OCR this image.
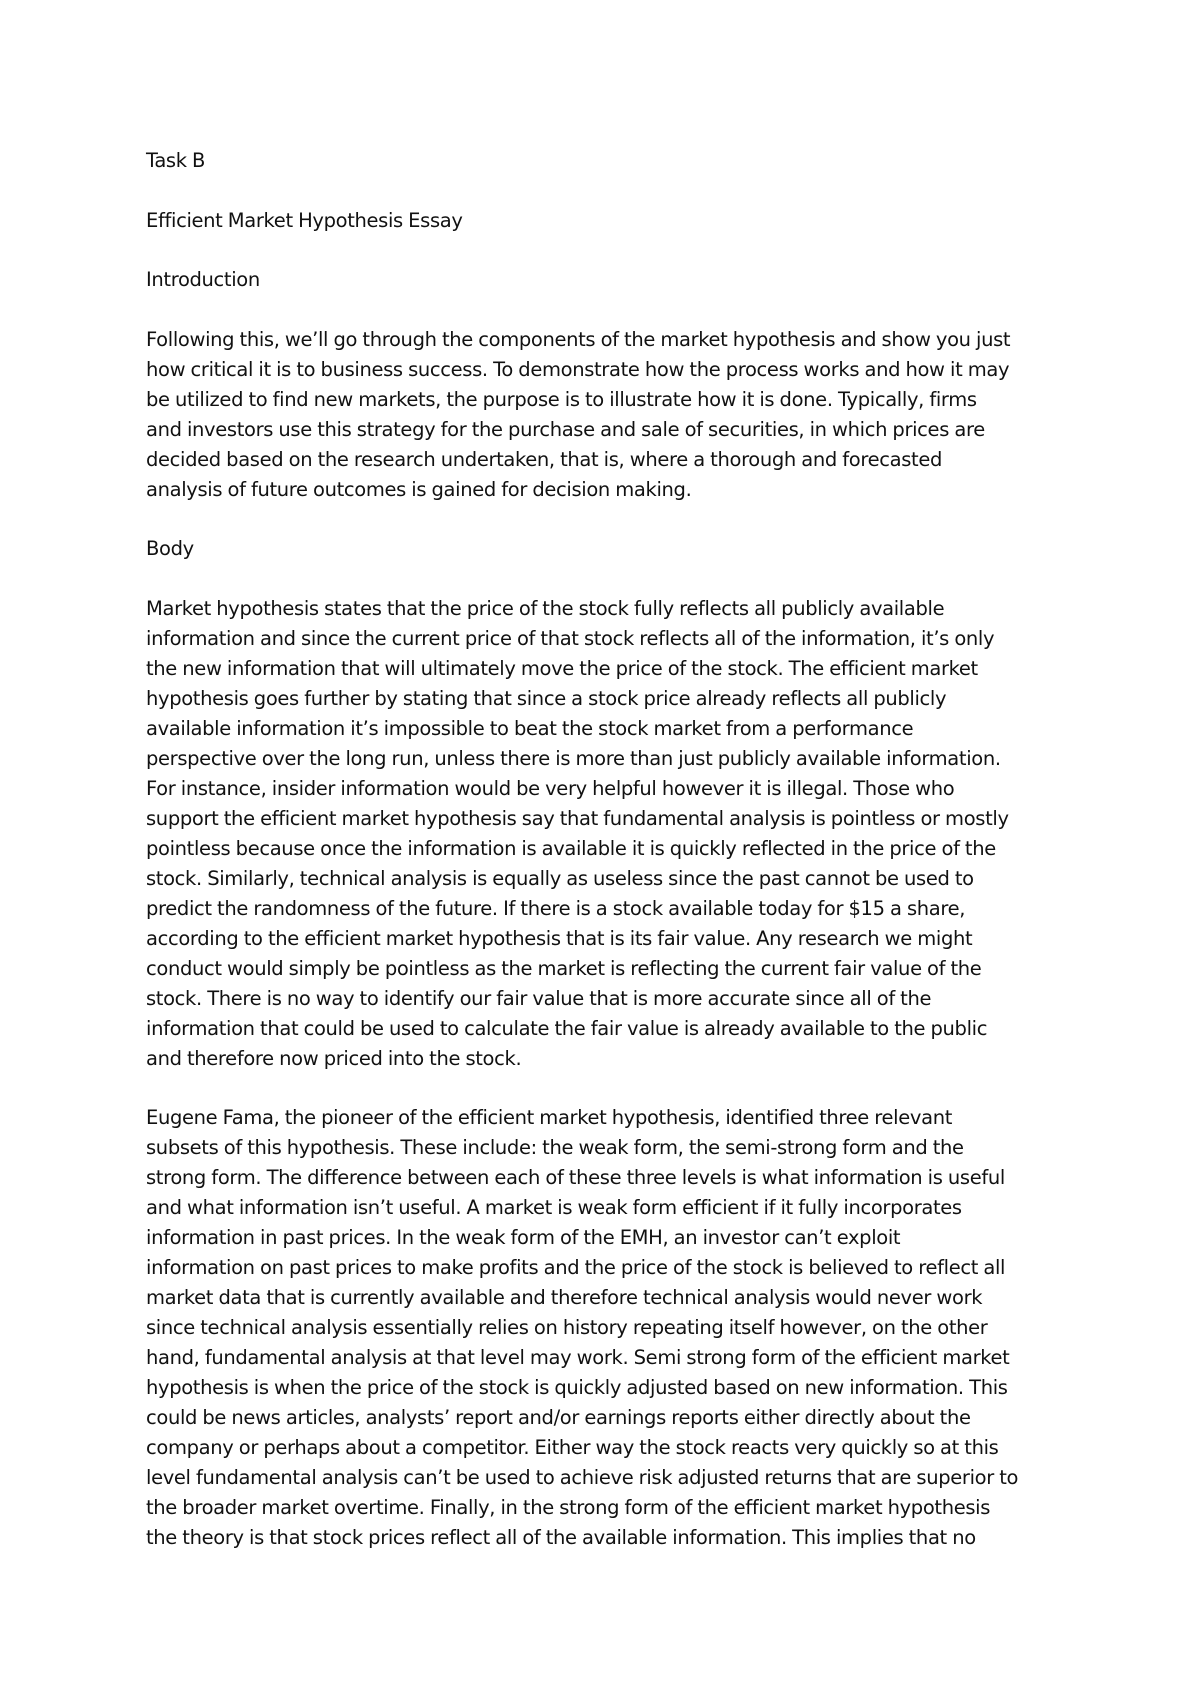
Task B
Efficient Market Hypothesis Essay
Introduction
Following this, we’ll go through the components of the market hypothesis and show you just
how critical it is to business success. To demonstrate how the process works and how it may
be utilized to find new markets, the purpose is to illustrate how it is done. Typically, firms
and investors use this strategy for the purchase and sale of securities, in which prices are
decided based on the research undertaken, that is, where a thorough and forecasted
analysis of future outcomes is gained for decision making.
Body
Market hypothesis states that the price of the stock fully reflects all publicly available
information and since the current price of that stock reflects all of the information, it’s only
the new information that will ultimately move the price of the stock. The efficient market
hypothesis goes further by stating that since a stock price already reflects all publicly
available information it’s impossible to beat the stock market from a performance
perspective over the long run, unless there is more than just publicly available information.
For instance, insider information would be very helpful however it is illegal. Those who
support the efficient market hypothesis say that fundamental analysis is pointless or mostly
pointless because once the information is available it is quickly reflected in the price of the
stock. Similarly, technical analysis is equally as useless since the past cannot be used to
predict the randomness of the future. If there is a stock available today for $15 a share,
according to the efficient market hypothesis that is its fair value. Any research we might
conduct would simply be pointless as the market is reflecting the current fair value of the
stock. There is no way to identify our fair value that is more accurate since all of the
information that could be used to calculate the fair value is already available to the public
and therefore now priced into the stock.
Eugene Fama, the pioneer of the efficient market hypothesis, identified three relevant
subsets of this hypothesis. These include: the weak form, the semi-strong form and the
strong form. The difference between each of these three levels is what information is useful
and what information isn’t useful. A market is weak form efficient if it fully incorporates
information in past prices. In the weak form of the EMH, an investor can’t exploit
information on past prices to make profits and the price of the stock is believed to reflect all
market data that is currently available and therefore technical analysis would never work
since technical analysis essentially relies on history repeating itself however, on the other
hand, fundamental analysis at that level may work. Semi strong form of the efficient market
hypothesis is when the price of the stock is quickly adjusted based on new information. This
could be news articles, analysts’ report and/or earnings reports either directly about the
company or perhaps about a competitor. Either way the stock reacts very quickly so at this
level fundamental analysis can’t be used to achieve risk adjusted returns that are superior to
the broader market overtime. Finally, in the strong form of the efficient market hypothesis
the theory is that stock prices reflect all of the available information. This implies that no
